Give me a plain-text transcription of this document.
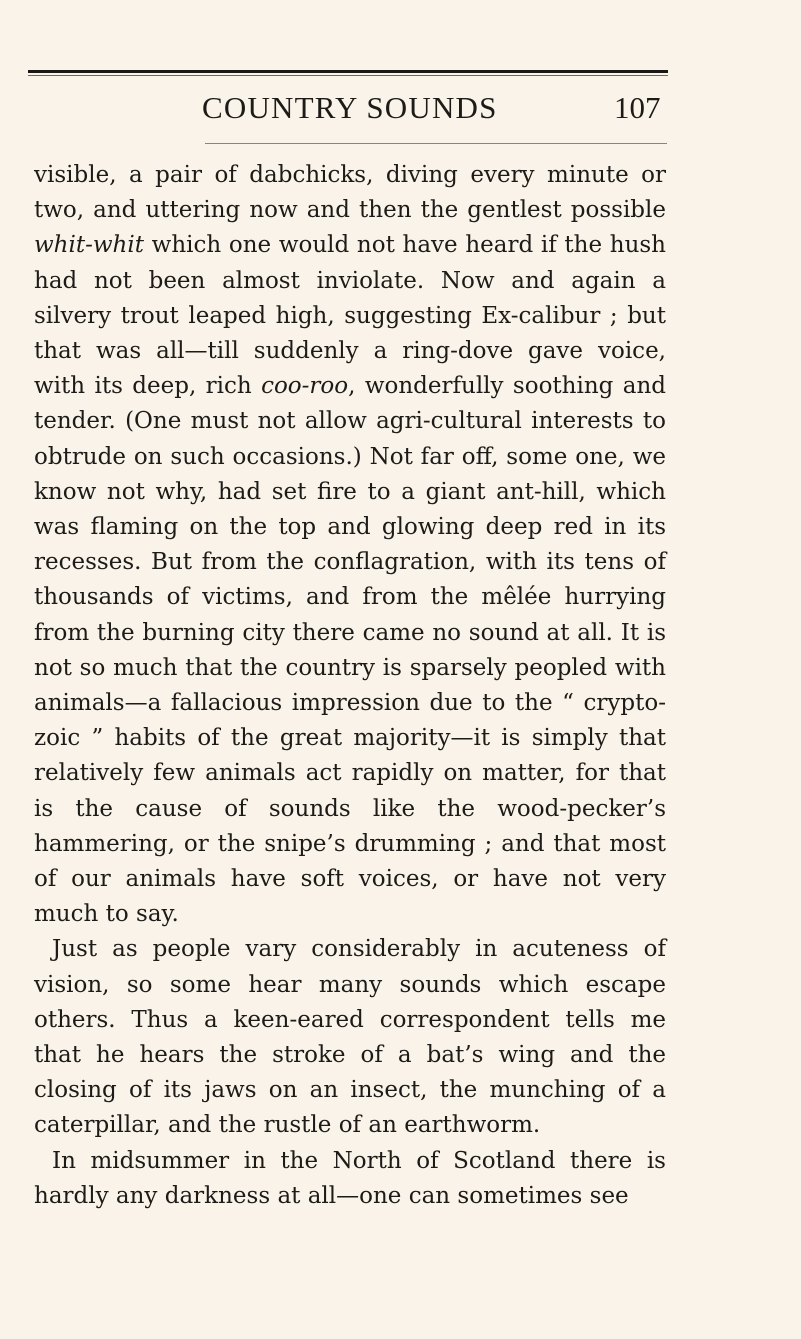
COUNTRY SOUNDS	107

visible, a pair of dabchicks, diving every minute or two, and uttering now and then the gentlest possible whit-whit which one would not have heard if the hush had not been almost inviolate. Now and again a silvery trout leaped high, suggesting Ex-calibur ; but that was all—till suddenly a ring-dove gave voice, with its deep, rich coo-roo, wonderfully soothing and tender. (One must not allow agri-cultural interests to obtrude on such occasions.) Not far off, some one, we know not why, had set fire to a giant ant-hill, which was flaming on the top and glowing deep red in its recesses. But from the conflagration, with its tens of thousands of victims, and from the mêlée hurrying from the burning city there came no sound at all. It is not so much that the country is sparsely peopled with animals—a fallacious impression due to the “ crypto-zoic ” habits of the great majority—it is simply that relatively few animals act rapidly on matter, for that is the cause of sounds like the wood-pecker’s hammering, or the snipe’s drumming ; and that most of our animals have soft voices, or have not very much to say.

Just as people vary considerably in acuteness of vision, so some hear many sounds which escape others. Thus a keen-eared correspondent tells me that he hears the stroke of a bat’s wing and the closing of its jaws on an insect, the munching of a caterpillar, and the rustle of an earthworm.

In midsummer in the North of Scotland there is hardly any darkness at all—one can sometimes see
